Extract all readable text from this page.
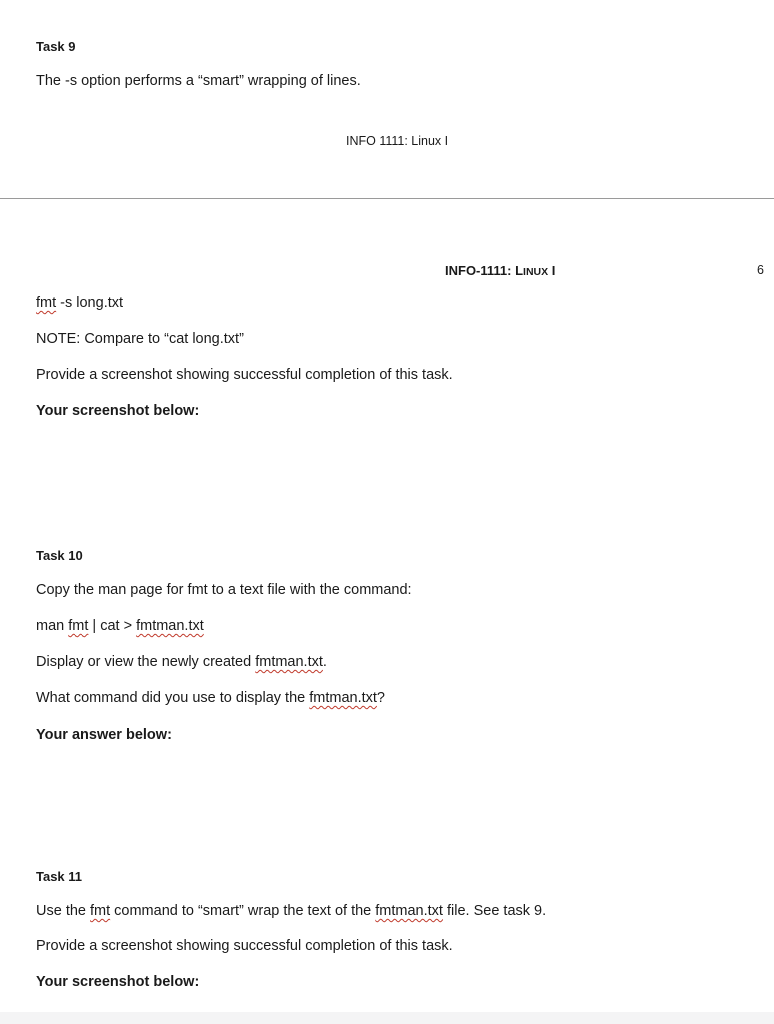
Task 9
The -s option performs a “smart” wrapping of lines.
INFO 1111: Linux I
INFO-1111: LINUX I	6
fmt -s long.txt
NOTE: Compare to “cat long.txt”
Provide a screenshot showing successful completion of this task.
Your screenshot below:
Task 10
Copy the man page for fmt to a text file with the command:
man fmt | cat > fmtman.txt
Display or view the newly created fmtman.txt.
What command did you use to display the fmtman.txt?
Your answer below:
Task 11
Use the fmt command to “smart” wrap the text of the fmtman.txt file. See task 9.
Provide a screenshot showing successful completion of this task.
Your screenshot below:
